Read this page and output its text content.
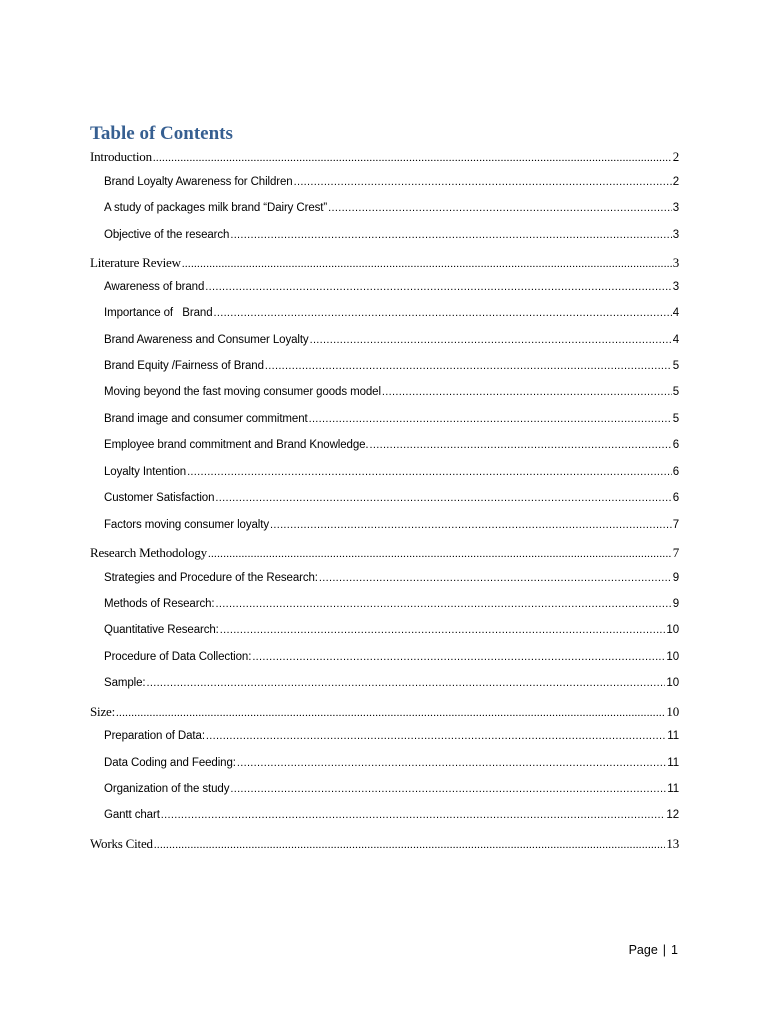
Table of Contents
Introduction .....	2
Brand Loyalty Awareness for Children .....	2
A study of packages milk brand “Dairy Crest” .....	3
Objective of the research .....	3
Literature Review .....	3
Awareness of brand .....	3
Importance of   Brand .....	4
Brand Awareness and Consumer Loyalty .....	4
Brand Equity /Fairness of Brand .....	5
Moving beyond the fast moving consumer goods model .....	5
Brand image and consumer commitment .....	5
Employee brand commitment and Brand Knowledge. .....	6
Loyalty Intention .....	6
Customer Satisfaction .....	6
Factors moving consumer loyalty .....	7
Research Methodology .....	7
Strategies and Procedure of the Research: .....	9
Methods of Research: .....	9
Quantitative Research: .....	10
Procedure of Data Collection: .....	10
Sample: .....	10
Size: .....	10
Preparation of Data: .....	11
Data Coding and Feeding: .....	11
Organization of the study .....	11
Gantt chart .....	12
Works Cited .....	13
Page | 1
